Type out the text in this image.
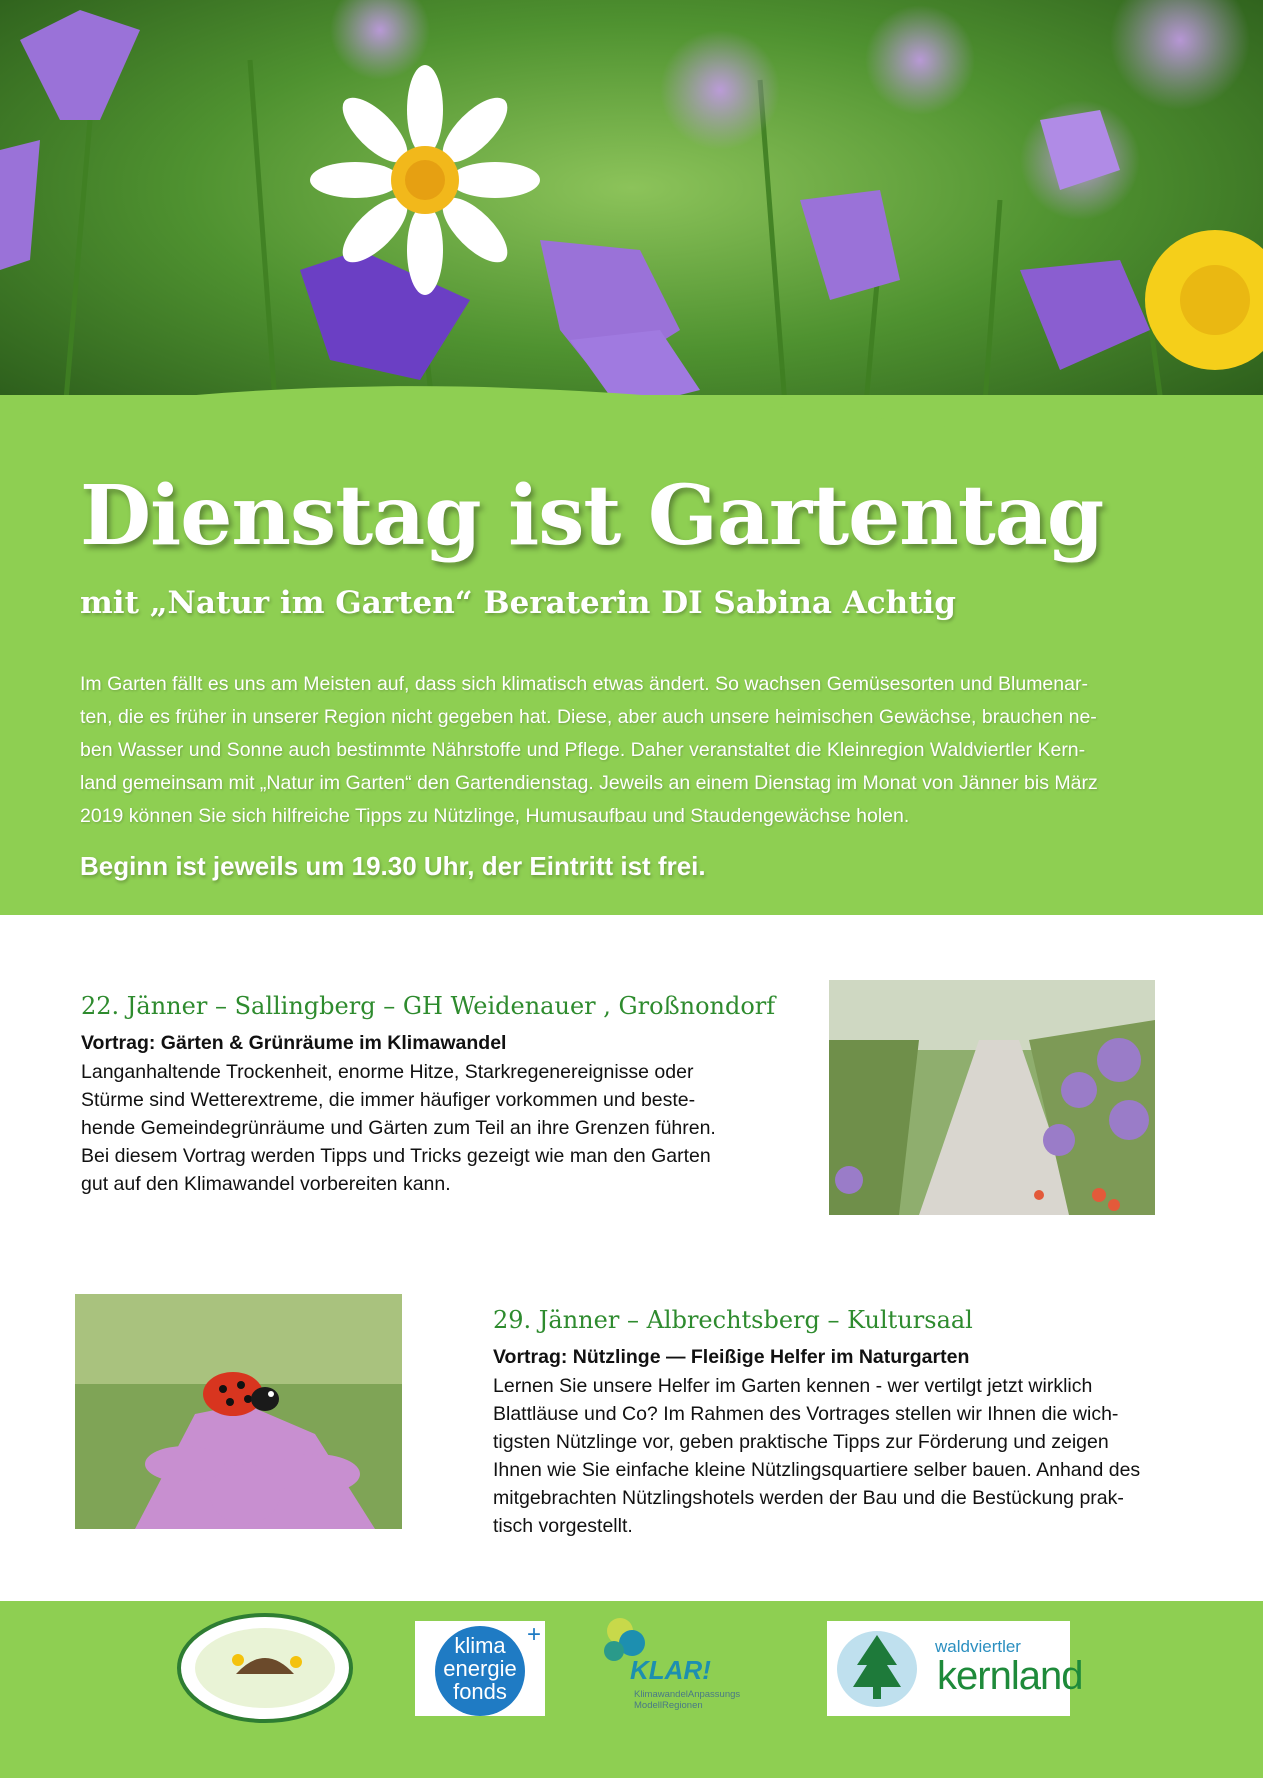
Dienstag ist Gartentag
mit „Natur im Garten“ Beraterin DI Sabina Achtig
Im Garten fällt es uns am Meisten auf, dass sich klimatisch etwas ändert. So wachsen Gemüsesorten und Blumenar-
ten, die es früher in unserer Region nicht gegeben hat. Diese, aber auch unsere heimischen Gewächse, brauchen ne-
ben Wasser und Sonne auch bestimmte Nährstoffe und Pflege. Daher veranstaltet die Kleinregion Waldviertler Kern-
land gemeinsam mit „Natur im Garten“ den Gartendienstag. Jeweils an einem Dienstag im Monat von Jänner bis März
2019 können Sie sich hilfreiche Tipps zu Nützlinge, Humusaufbau und Staudengewächse holen.
Beginn ist jeweils um 19.30 Uhr, der Eintritt ist frei.
22. Jänner – Sallingberg – GH Weidenauer , Großnondorf
Vortrag: Gärten & Grünräume im Klimawandel
Langanhaltende Trockenheit, enorme Hitze, Starkregenereignisse oder
Stürme sind Wetterextreme, die immer häufiger vorkommen und beste-
hende Gemeindegrünräume und Gärten zum Teil an ihre Grenzen führen.
Bei diesem Vortrag werden Tipps und Tricks gezeigt wie man den Garten
gut auf den Klimawandel vorbereiten kann.
29. Jänner – Albrechtsberg – Kultursaal
Vortrag: Nützlinge — Fleißige Helfer im Naturgarten
Lernen Sie unsere Helfer im Garten kennen - wer vertilgt jetzt wirklich
Blattläuse und Co? Im Rahmen des Vortrages stellen wir Ihnen die wich-
tigsten Nützlinge vor, geben praktische Tipps zur Förderung und zeigen
Ihnen wie Sie einfache kleine Nützlingsquartiere selber bauen. Anhand des
mitgebrachten Nützlingshotels werden der Bau und die Bestückung prak-
tisch vorgestellt.
klima
energie
fonds
+
KLAR!
KlimawandelAnpassungs
ModellRegionen
waldviertler
kernland
